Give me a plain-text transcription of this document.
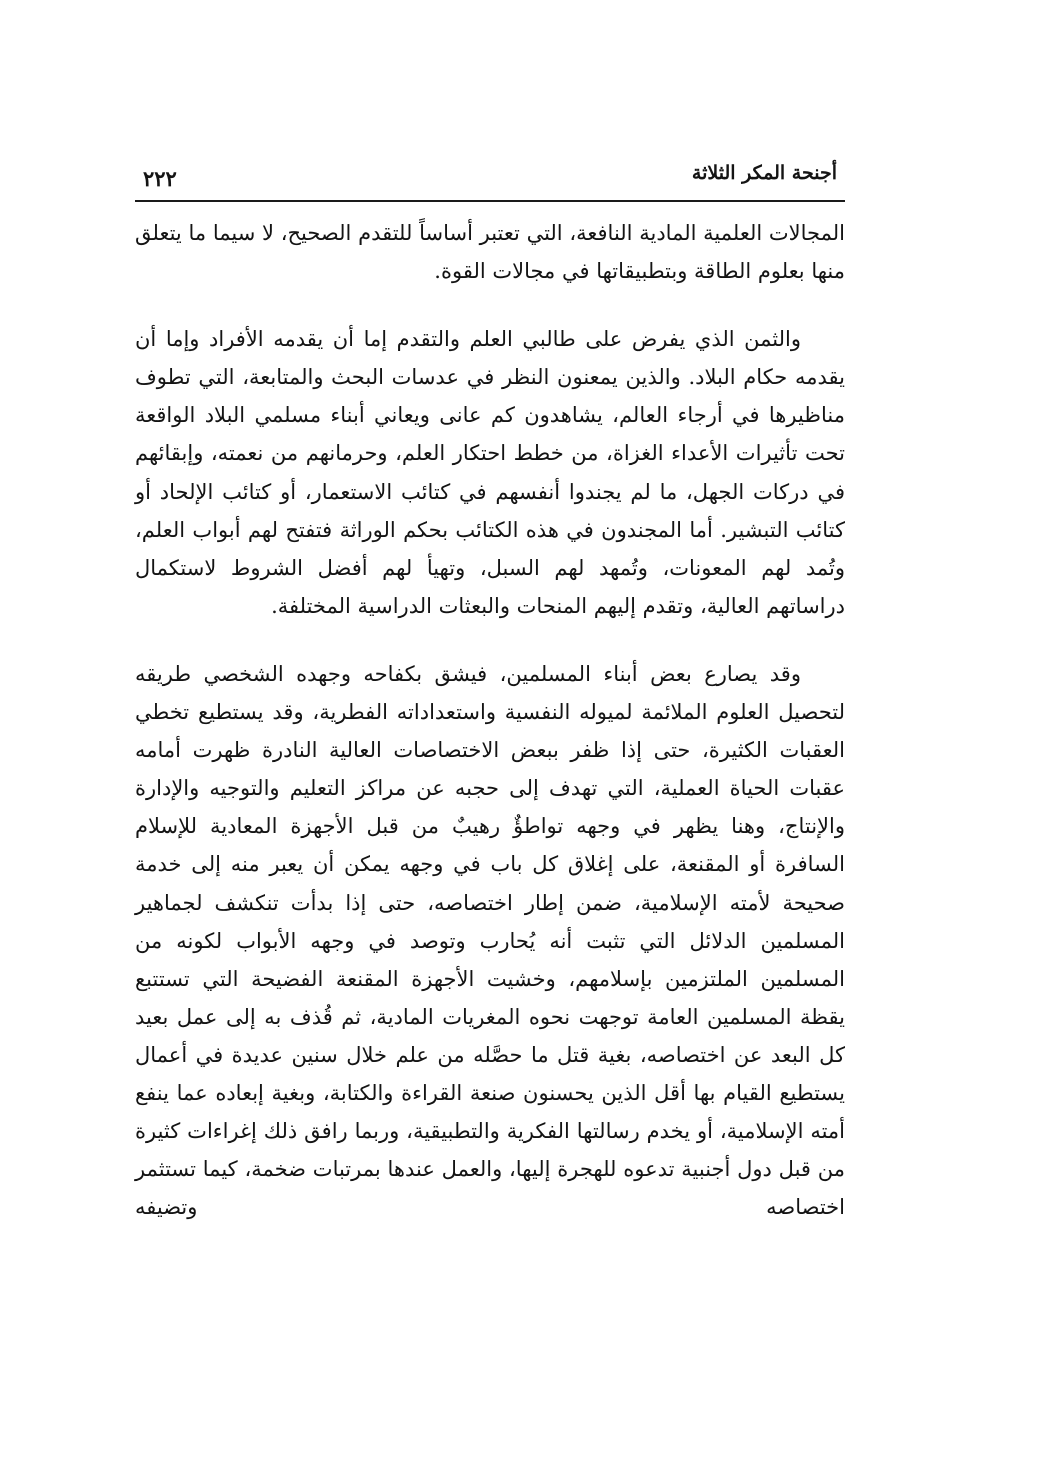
أجنحة المكر الثلاثة
٢٢٢

المجالات العلمية المادية النافعة، التي تعتبر أساساً للتقدم الصحيح، لا سيما ما يتعلق منها بعلوم الطاقة وبتطبيقاتها في مجالات القوة.

والثمن الذي يفرض على طالبي العلم والتقدم إما أن يقدمه الأفراد وإما أن يقدمه حكام البلاد. والذين يمعنون النظر في عدسات البحث والمتابعة، التي تطوف مناظيرها في أرجاء العالم، يشاهدون كم عانى ويعاني أبناء مسلمي البلاد الواقعة تحت تأثيرات الأعداء الغزاة، من خطط احتكار العلم، وحرمانهم من نعمته، وإبقائهم في دركات الجهل، ما لم يجندوا أنفسهم في كتائب الاستعمار، أو كتائب الإلحاد أو كتائب التبشير. أما المجندون في هذه الكتائب بحكم الوراثة فتفتح لهم أبواب العلم، وتُمد لهم المعونات، وتُمهد لهم السبل، وتهيأ لهم أفضل الشروط لاستكمال دراساتهم العالية، وتقدم إليهم المنحات والبعثات الدراسية المختلفة.

وقد يصارع بعض أبناء المسلمين، فيشق بكفاحه وجهده الشخصي طريقه لتحصيل العلوم الملائمة لميوله النفسية واستعداداته الفطرية، وقد يستطيع تخطي العقبات الكثيرة، حتى إذا ظفر ببعض الاختصاصات العالية النادرة ظهرت أمامه عقبات الحياة العملية، التي تهدف إلى حجبه عن مراكز التعليم والتوجيه والإدارة والإنتاج، وهنا يظهر في وجهه تواطؤٌ رهيبٌ من قبل الأجهزة المعادية للإسلام السافرة أو المقنعة، على إغلاق كل باب في وجهه يمكن أن يعبر منه إلى خدمة صحيحة لأمته الإسلامية، ضمن إطار اختصاصه، حتى إذا بدأت تنكشف لجماهير المسلمين الدلائل التي تثبت أنه يُحارب وتوصد في وجهه الأبواب لكونه من المسلمين الملتزمين بإسلامهم، وخشيت الأجهزة المقنعة الفضيحة التي تستتبع يقظة المسلمين العامة توجهت نحوه المغريات المادية، ثم قُذف به إلى عمل بعيد كل البعد عن اختصاصه، بغية قتل ما حصَّله من علم خلال سنين عديدة في أعمال يستطيع القيام بها أقل الذين يحسنون صنعة القراءة والكتابة، وبغية إبعاده عما ينفع أمته الإسلامية، أو يخدم رسالتها الفكرية والتطبيقية، وربما رافق ذلك إغراءات كثيرة من قبل دول أجنبية تدعوه للهجرة إليها، والعمل عندها بمرتبات ضخمة، كيما تستثمر اختصاصه وتضيفه
